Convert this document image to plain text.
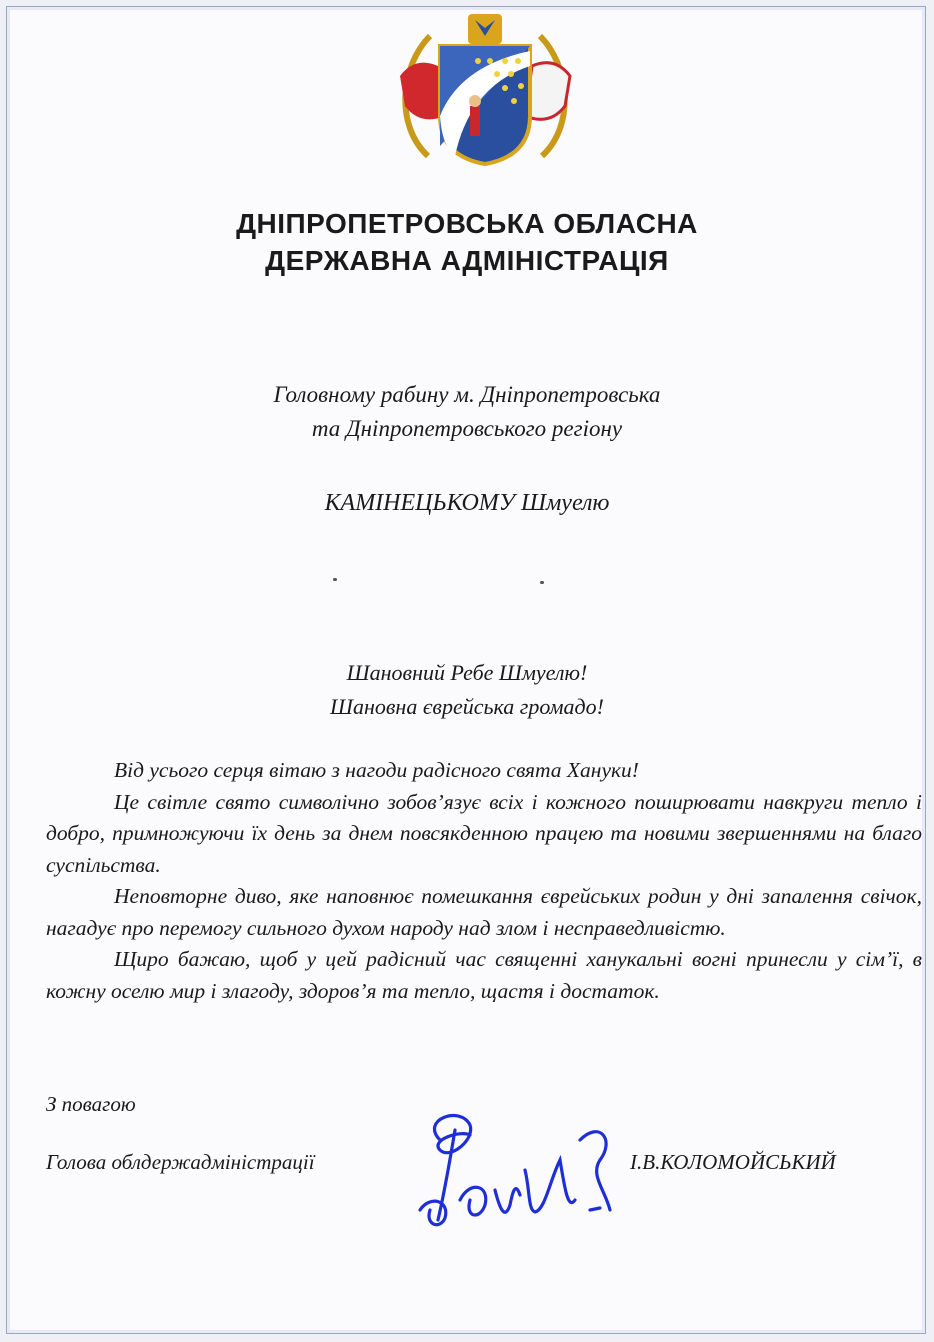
ДНІПРОПЕТРОВСЬКА ОБЛАСНА
ДЕРЖАВНА АДМІНІСТРАЦІЯ
Головному рабину м. Дніпропетровська
та Дніпропетровського регіону
КАМІНЕЦЬКОМУ Шмуелю
Шановний Ребе Шмуелю!
Шановна єврейська громадо!

Від усього серця вітаю з нагоди радісного свята Хануки!

Це світле свято символічно зобов’язує всіх і кожного поширювати навкруги тепло і добро, примножуючи їх день за днем повсякденною працею та новими звершеннями на благо суспільства.

Неповторне диво, яке наповнює помешкання єврейських родин у дні запалення свічок, нагадує про перемогу сильного духом народу над злом і несправедливістю.

Щиро бажаю, щоб у цей радісний час священні ханукальні вогні принесли у сім’ї, в кожну оселю мир і злагоду, здоров’я та тепло, щастя і достаток.

З повагою
Голова облдержадміністрації	І.В.КОЛОМОЙСЬКИЙ
